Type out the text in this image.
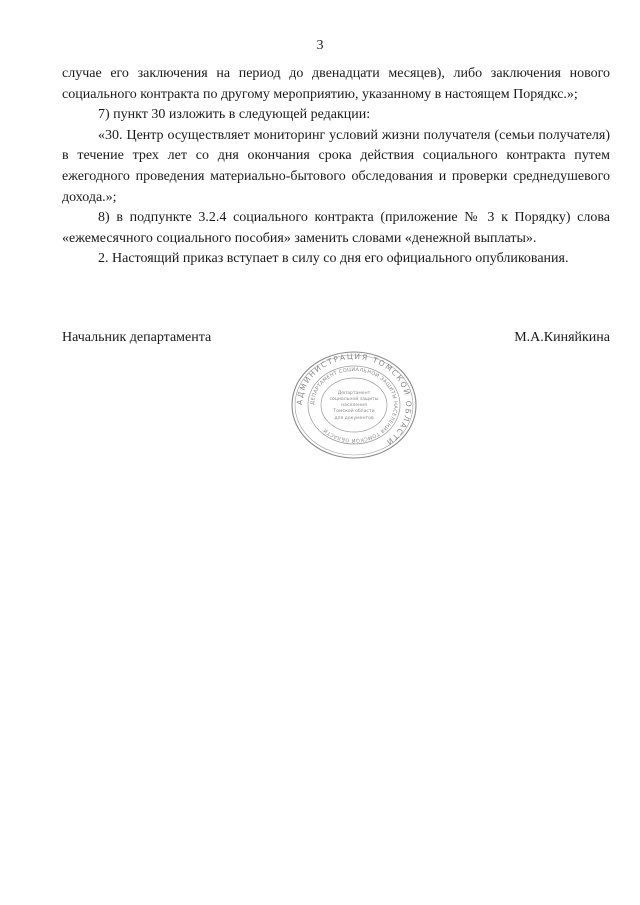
3

случае его заключения на период до двенадцати месяцев), либо заключения нового социального контракта по другому мероприятию, указанному в настоящем Порядкс.»;

7) пункт 30 изложить в следующей редакции:

«30. Центр осуществляет мониторинг условий жизни получателя (семьи получателя) в течение трех лет со дня окончания срока действия социального контракта путем ежегодного проведения материально-бытового обследования и проверки среднедушевого дохода.»;

8) в подпункте 3.2.4 социального контракта (приложение № 3 к Порядку) слова «ежемесячного социального пособия» заменить словами «денежной выплаты».

2. Настоящий приказ вступает в силу со дня его официального опубликования.

Начальник департамента	М.А.Киняйкина
АДМИНИСТРАЦИЯ ТОМСКОЙ ОБЛАСТИ
ДЕПАРТАМЕНТ СОЦИАЛЬНОЙ ЗАЩИТЫ НАСЕЛЕНИЯ ТОМСКОЙ ОБЛАСТИ
Департамент
социальной защиты
населения
Томской области
для документов
